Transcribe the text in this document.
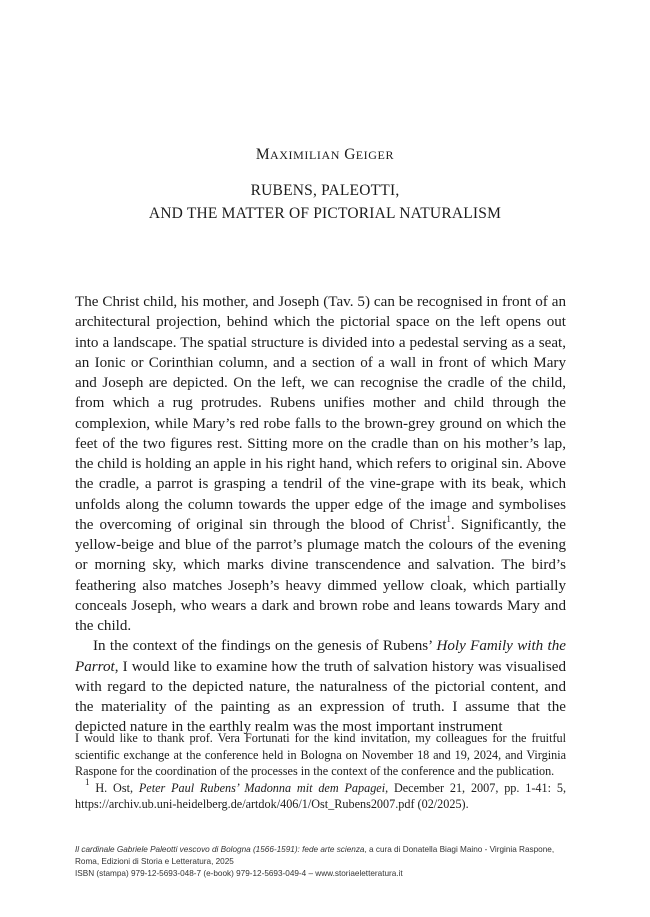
MAXIMILIAN GEIGER
RUBENS, PALEOTTI,
AND THE MATTER OF PICTORIAL NATURALISM

The Christ child, his mother, and Joseph (Tav. 5) can be recognised in front of an architectural projection, behind which the pictorial space on the left opens out into a landscape. The spatial structure is divided into a pedestal serving as a seat, an Ionic or Corinthian column, and a section of a wall in front of which Mary and Joseph are depicted. On the left, we can recognise the cradle of the child, from which a rug protrudes. Rubens unifies mother and child through the complexion, while Mary’s red robe falls to the brown-grey ground on which the feet of the two figures rest. Sitting more on the cradle than on his mother’s lap, the child is holding an apple in his right hand, which refers to original sin. Above the cradle, a parrot is grasping a tendril of the vine-grape with its beak, which unfolds along the column towards the upper edge of the image and symbolises the overcoming of original sin through the blood of Christ$^1$. Significantly, the yellow-beige and blue of the parrot’s plumage match the colours of the evening or morning sky, which marks divine transcendence and salvation. The bird’s feathering also matches Joseph’s heavy dimmed yellow cloak, which partially conceals Joseph, who wears a dark and brown robe and leans towards Mary and the child.

In the context of the findings on the genesis of Rubens’ Holy Family with the Parrot, I would like to examine how the truth of salvation history was visualised with regard to the depicted nature, the naturalness of the pictorial content, and the materiality of the painting as an expression of truth. I assume that the depicted nature in the earthly realm was the most important instrument

I would like to thank prof. Vera Fortunati for the kind invitation, my colleagues for the fruitful scientific exchange at the conference held in Bologna on November 18 and 19, 2024, and Virginia Raspone for the coordination of the processes in the context of the conference and the publication.

$^1$ H. Ost, Peter Paul Rubens’ Madonna mit dem Papagei, December 21, 2007, pp. 1-41: 5, https://archiv.ub.uni-heidelberg.de/artdok/406/1/Ost_Rubens2007.pdf (02/2025).

Il cardinale Gabriele Paleotti vescovo di Bologna (1566-1591): fede arte scienza, a cura di Donatella Biagi Maino - Virginia Raspone, Roma, Edizioni di Storia e Letteratura, 2025
ISBN (stampa) 979-12-5693-048-7 (e-book) 979-12-5693-049-4 – www.storiaeletteratura.it
